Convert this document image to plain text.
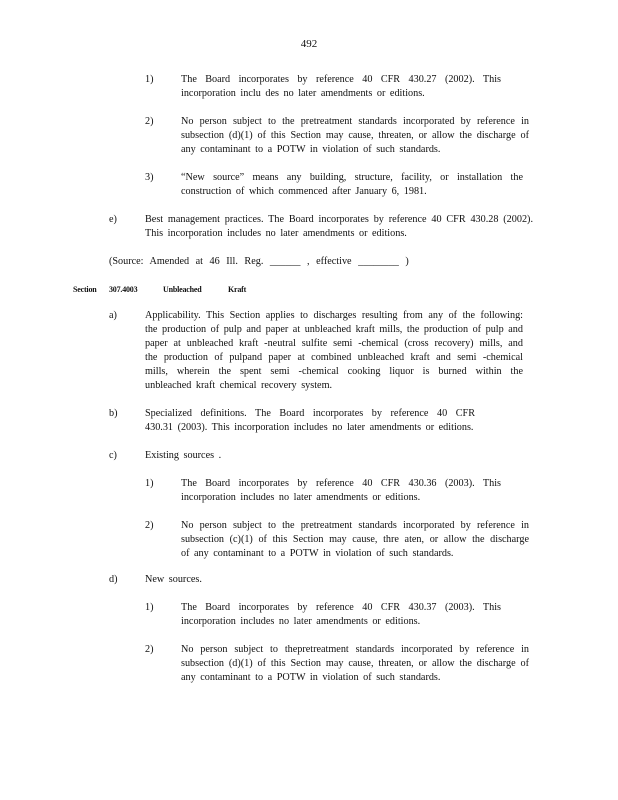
492
1)	The Board incorporates by reference 40 CFR 430.27 (2002). This incorporation inclu des no later amendments or editions.
2)	No person subject to the pretreatment standards incorporated by reference in subsection (d)(1) of this Section may cause, threaten, or allow the discharge of any contaminant to a POTW in violation of such standards.
3)	“New source” means any building, structure, facility, or installation the construction of which commenced after January 6, 1981.
e)	Best management practices. The Board incorporates by reference 40 CFR 430.28 (2002). This incorporation includes no later amendments or editions.
(Source: Amended at 46 Ill. Reg. ______ , effective ________ )
Section 307.4003	Unbleached	Kraft
a)	Applicability. This Section applies to discharges resulting from any of the following: the production of pulp and paper at unbleached kraft mills, the production of pulp and paper at unbleached kraft -neutral sulfite semi -chemical (cross recovery) mills, and the production of pulpand paper at combined unbleached kraft and semi -chemical mills, wherein the spent semi -chemical cooking liquor is burned within the unbleached kraft chemical recovery system.
b)	Specialized definitions. The Board incorporates by reference 40 CFR 430.31 (2003). This incorporation includes no later amendments or editions.
c)	Existing sources .
1)	The Board incorporates by reference 40 CFR 430.36 (2003). This incorporation includes no later amendments or editions.
2)	No person subject to the pretreatment standards incorporated by reference in subsection (c)(1) of this Section may cause, thre aten, or allow the discharge of any contaminant to a POTW in violation of such standards.
d)	New sources.
1)	The Board incorporates by reference 40 CFR 430.37 (2003). This incorporation includes no later amendments or editions.
2)	No person subject to thepretreatment standards incorporated by reference in subsection (d)(1) of this Section may cause, threaten, or allow the discharge of any contaminant to a POTW in violation of such standards.
